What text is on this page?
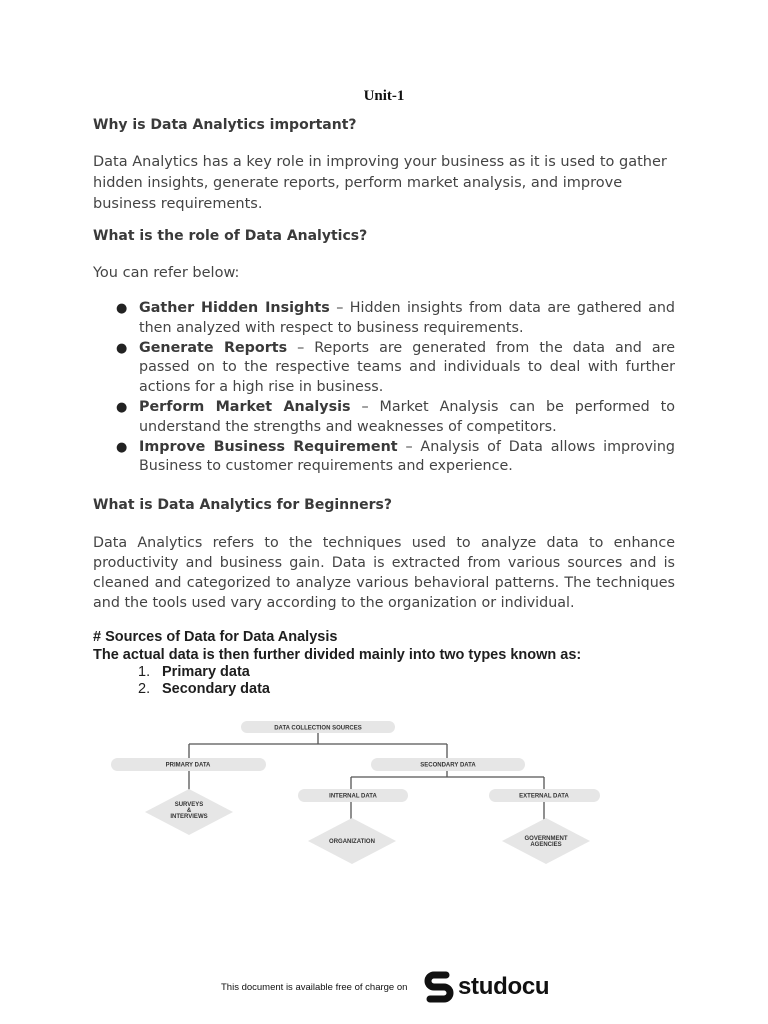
Unit-1
Why is Data Analytics important?
Data Analytics has a key role in improving your business as it is used to gather hidden insights, generate reports, perform market analysis, and improve business requirements.
What is the role of Data Analytics?
You can refer below:
● Gather Hidden Insights – Hidden insights from data are gathered and then analyzed with respect to business requirements.
● Generate Reports – Reports are generated from the data and are passed on to the respective teams and individuals to deal with further actions for a high rise in business.
● Perform Market Analysis – Market Analysis can be performed to understand the strengths and weaknesses of competitors.
● Improve Business Requirement – Analysis of Data allows improving Business to customer requirements and experience.
What is Data Analytics for Beginners?
Data Analytics refers to the techniques used to analyze data to enhance productivity and business gain. Data is extracted from various sources and is cleaned and categorized to analyze various behavioral patterns. The techniques and the tools used vary according to the organization or individual.
# Sources of Data for Data Analysis
The actual data is then further divided mainly into two types known as:
1. Primary data
2. Secondary data
DATA COLLECTION SOURCES
PRIMARY DATA	SECONDARY DATA
INTERNAL DATA	EXTERNAL DATA
SURVEYS
&
INTERVIEWS
ORGANIZATION	GOVERNMENT
AGENCIES
This document is available free of charge on studocu
